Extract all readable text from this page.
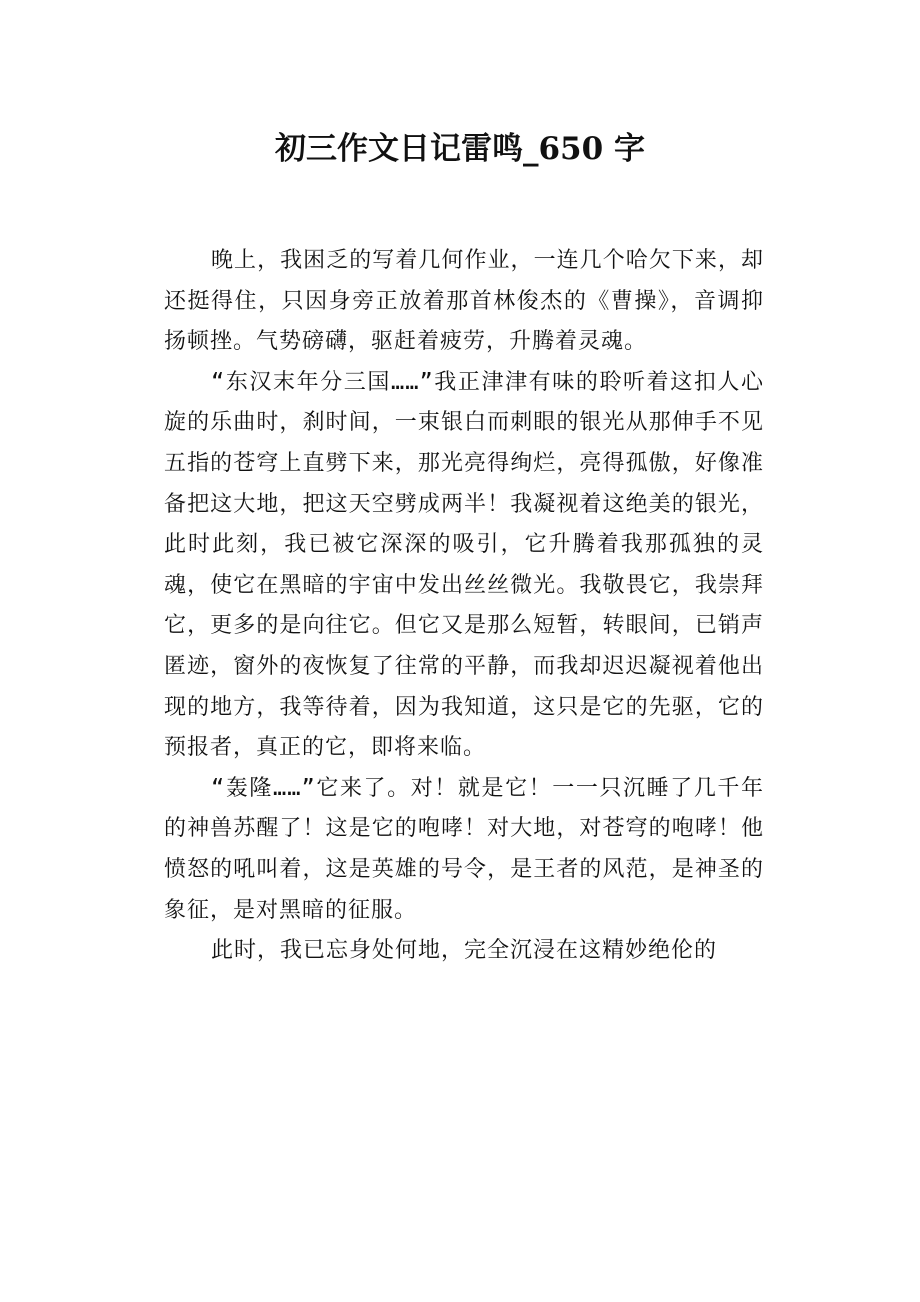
初三作文日记雷鸣_650 字

晚上，我困乏的写着几何作业，一连几个哈欠下来，却还挺得住，只因身旁正放着那首林俊杰的《曹操》，音调抑扬顿挫。气势磅礴，驱赶着疲劳，升腾着灵魂。

“东汉末年分三国……”我正津津有味的聆听着这扣人心旋的乐曲时，刹时间，一束银白而刺眼的银光从那伸手不见五指的苍穹上直劈下来，那光亮得绚烂，亮得孤傲，好像准备把这大地，把这天空劈成两半！我凝视着这绝美的银光，此时此刻，我已被它深深的吸引，它升腾着我那孤独的灵魂，使它在黑暗的宇宙中发出丝丝微光。我敬畏它，我崇拜它，更多的是向往它。但它又是那么短暂，转眼间，已销声匿迹，窗外的夜恢复了往常的平静，而我却迟迟凝视着他出现的地方，我等待着，因为我知道，这只是它的先驱，它的预报者，真正的它，即将来临。

“轰隆……”它来了。对！就是它！一一只沉睡了几千年的神兽苏醒了！这是它的咆哮！对大地，对苍穹的咆哮！他愤怒的吼叫着，这是英雄的号令，是王者的风范，是神圣的象征，是对黑暗的征服。

此时，我已忘身处何地，完全沉浸在这精妙绝伦的
